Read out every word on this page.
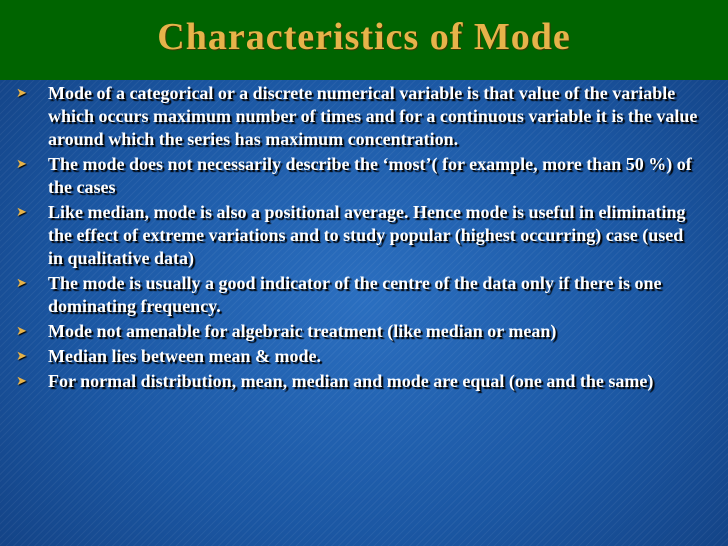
Characteristics of Mode
➤ Mode of a categorical or a discrete numerical variable is that value of the variable which occurs maximum number of times and for a continuous variable it is the value around which the series has maximum concentration.
➤ The mode does not necessarily describe the ‘most’( for example, more than 50 %) of the cases
➤ Like median, mode is also a positional average. Hence mode is useful in eliminating the effect of extreme variations and to study popular (highest occurring) case (used in qualitative data)
➤ The mode is usually a good indicator of the centre of the data only if there is one dominating frequency.
➤ Mode not amenable for algebraic treatment (like median or mean)
➤ Median lies between mean & mode.
➤ For normal distribution, mean, median and mode are equal (one and the same)
